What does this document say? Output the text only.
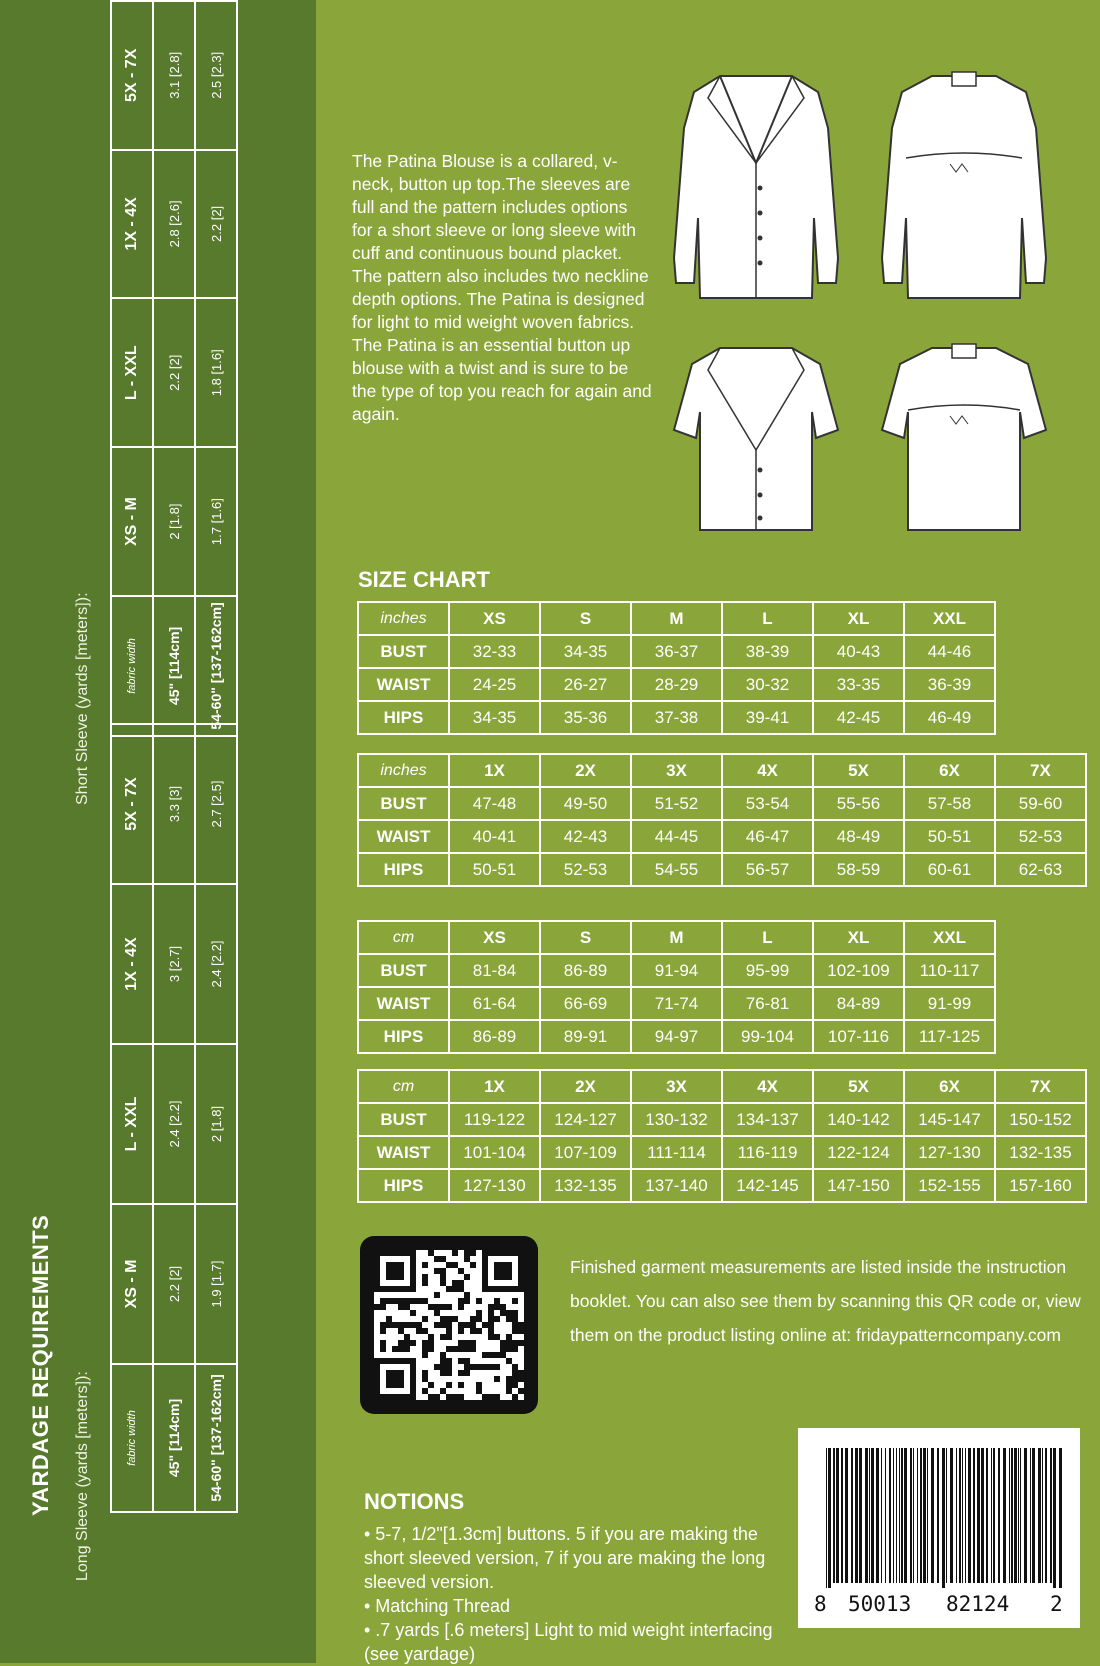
YARDAGE REQUIREMENTS Long Sleeve (yards [meters]):	fabric width	XS - M	L - XXL	1X - 4X	5X - 7X
45" [114cm]	2.2 [2]	2.4 [2.2]	3 [2.7]	3.3 [3]
54-60" [137-162cm]	1.9 [1.7]	2 [1.8]	2.4 [2.2]	2.7 [2.5]
Short Sleeve (yards [meters]):	fabric width	XS - M	L - XXL	1X - 4X	5X - 7X
45" [114cm]	2 [1.8]	2.2 [2]	2.8 [2.6]	3.1 [2.8]
54-60" [137-162cm]	1.7 [1.6]	1.8 [1.6]	2.2 [2]	2.5 [2.3]
The Patina Blouse is a collared, v-neck, button up top.The sleeves are full and the pattern includes options for a short sleeve or long sleeve with cuff and continuous bound placket. The pattern also includes two neckline depth options. The Patina is designed for light to mid weight woven fabrics. The Patina is an essential button up blouse with a twist and is sure to be the type of top you reach for again and again.
SIZE CHART
inches	XS	S	M	L	XL	XXL
BUST	32-33	34-35	36-37	38-39	40-43	44-46
WAIST	24-25	26-27	28-29	30-32	33-35	36-39
HIPS	34-35	35-36	37-38	39-41	42-45	46-49
inches	1X	2X	3X	4X	5X	6X	7X
BUST	47-48	49-50	51-52	53-54	55-56	57-58	59-60
WAIST	40-41	42-43	44-45	46-47	48-49	50-51	52-53
HIPS	50-51	52-53	54-55	56-57	58-59	60-61	62-63
cm	XS	S	M	L	XL	XXL
BUST	81-84	86-89	91-94	95-99	102-109	110-117
WAIST	61-64	66-69	71-74	76-81	84-89	91-99
HIPS	86-89	89-91	94-97	99-104	107-116	117-125
cm	1X	2X	3X	4X	5X	6X	7X
BUST	119-122	124-127	130-132	134-137	140-142	145-147	150-152
WAIST	101-104	107-109	111-114	116-119	122-124	127-130	132-135
HIPS	127-130	132-135	137-140	142-145	147-150	152-155	157-160
Finished garment measurements are listed inside the instruction booklet. You can also see them by scanning this QR code or, view them on the product listing online at: fridaypatterncompany.com
NOTIONS
• 5-7, 1/2"[1.3cm] buttons. 5 if you are making the short sleeved version, 7 if you are making the long sleeved version.
• Matching Thread
• .7 yards [.6 meters] Light to mid weight interfacing (see yardage)
8 50013 82124 2
